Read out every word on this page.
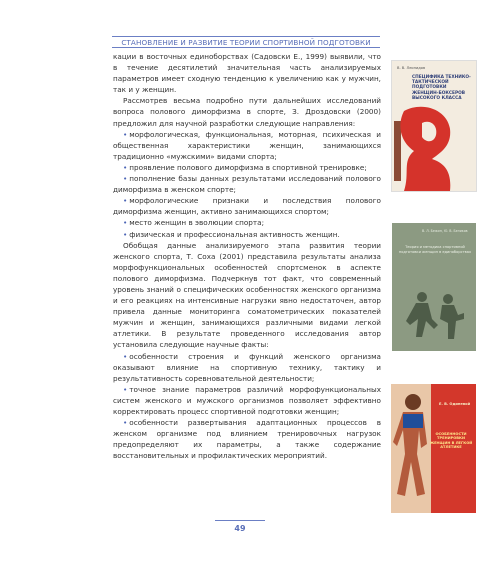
СТАНОВЛЕНИЕ И РАЗВИТИЕ ТЕОРИИ СПОРТИВНОЙ ПОДГОТОВКИ

кации в восточных единоборствах (Садовски Е., 1999) выявили, что в течение десятилетий значительная часть анализируемых параметров имеет сходную тенденцию к увеличению как у мужчин, так и у женщин.

Рассмотрев весьма подробно пути дальнейших исследований вопроса полового диморфизма в спорте, З. Дроздовски (2000) предложил для научной разработки следующие направления:

• морфологическая, функциональная, моторная, психическая и общественная характеристики женщин, занимающихся традиционно «мужскими» видами спорта;

• проявление полового диморфизма в спортивной тренировке;

• пополнение базы данных результатами исследований полового диморфизма в женском спорте;

• морфологические признаки и последствия полового диморфизма женщин, активно занимающихся спортом;

• место женщин в эволюции спорта;

• физическая и профессиональная активность женщин.

Обобщая данные анализируемого этапа развития теории женского спорта, Т. Соха (2001) представила результаты анализа морфофункциональных особенностей спортсменок в аспекте полового диморфизма. Подчеркнув тот факт, что современный уровень знаний о специфических особенностях женского организма и его реакциях на интенсивные нагрузки явно недостаточен, автор привела данные мониторинга соматометрических показателей мужчин и женщин, занимающихся различными видами легкой атлетики. В результате проведенного исследования автор установила следующие научные факты:

• особенности строения и функций женского организма оказывают влияние на спортивную технику, тактику и результативность соревновательной деятельности;

• точное знание параметров различий морфофункциональных систем женского и мужского организмов позволяет эффективно корректировать процесс спортивной подготовки женщин;

• особенности развертывания адаптационных процессов в женском организме под влиянием тренировочных нагрузок предопределяют их параметры, а также содержание восстановительных и профилактических мероприятий.

49
В. В. Леонидов
СПЕЦИФИКА ТЕХНИКО-ТАКТИЧЕСКОЙ ПОДГОТОВКИ ЖЕНЩИН-БОКСЕРОВ ВЫСОКОГО КЛАССА
В. Л. Бежин, Ю. В. Беликов
Теория и методика спортивной подготовки женщин в единоборствах
Е. В. Одиневой
ОСОБЕННОСТИ ТРЕНИРОВКИ ЖЕНЩИН В ЛЕГКОЙ АТЛЕТИКЕ
